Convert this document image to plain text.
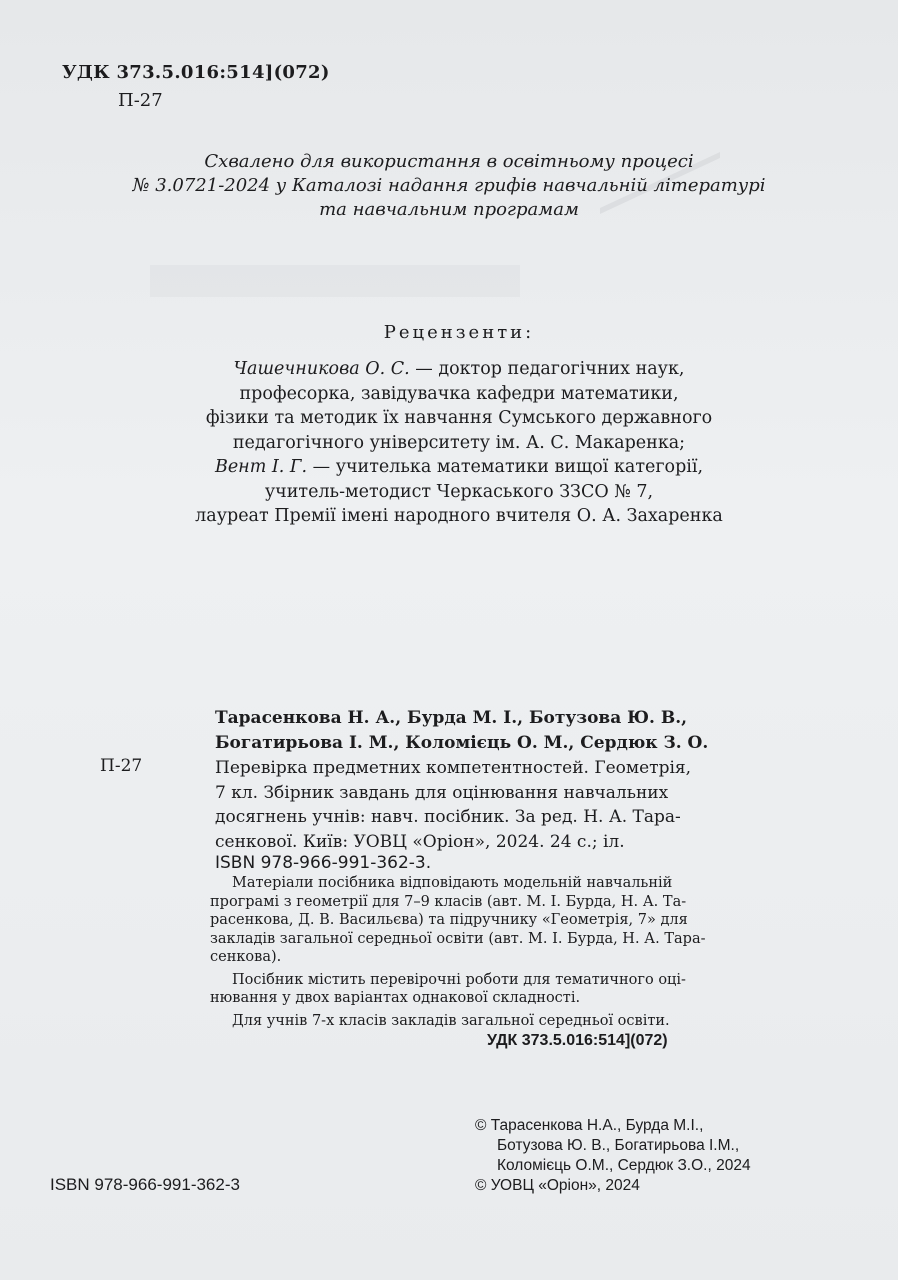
УДК 373.5.016:514](072)
П-27
Схвалено для використання в освітньому процесі
№ 3.0721-2024 у Каталозі надання грифів навчальній літературі
та навчальним програмам
Рецензенти:
Чашечникова О. С. — доктор педагогічних наук,
професорка, завідувачка кафедри математики,
фізики та методик їх навчання Сумського державного
педагогічного університету ім. А. С. Макаренка;
Вент І. Г. — учителька математики вищої категорії,
учитель-методист Черкаського ЗЗСО № 7,
лауреат Премії імені народного вчителя О. А. Захаренка
Тарасенкова Н. А., Бурда М. І., Ботузова Ю. В.,
Богатирьова І. М., Коломієць О. М., Сердюк З. О.
П-27	Перевірка предметних компетентностей. Геометрія,
7 кл. Збірник завдань для оцінювання навчальних
досягнень учнів: навч. посібник. За ред. Н. А. Тара-
сенкової. Київ: УОВЦ «Оріон», 2024. 24 с.; іл.
ISBN 978-966-991-362-3.
Матеріали посібника відповідають модельній навчальній
програмі з геометрії для 7–9 класів (авт. М. І. Бурда, Н. А. Та-
расенкова, Д. В. Васильєва) та підручнику «Геометрія, 7» для
закладів загальної середньої освіти (авт. М. І. Бурда, Н. А. Тара-
сенкова).
Посібник містить перевірочні роботи для тематичного оці-
нювання у двох варіантах однакової складності.
Для учнів 7-х класів закладів загальної середньої освіти.
УДК 373.5.016:514](072)
© Тарасенкова Н.А., Бурда М.І.,
Ботузова Ю. В., Богатирьова І.М.,
Коломієць О.М., Сердюк З.О., 2024
© УОВЦ «Оріон», 2024
ISBN 978-966-991-362-3
